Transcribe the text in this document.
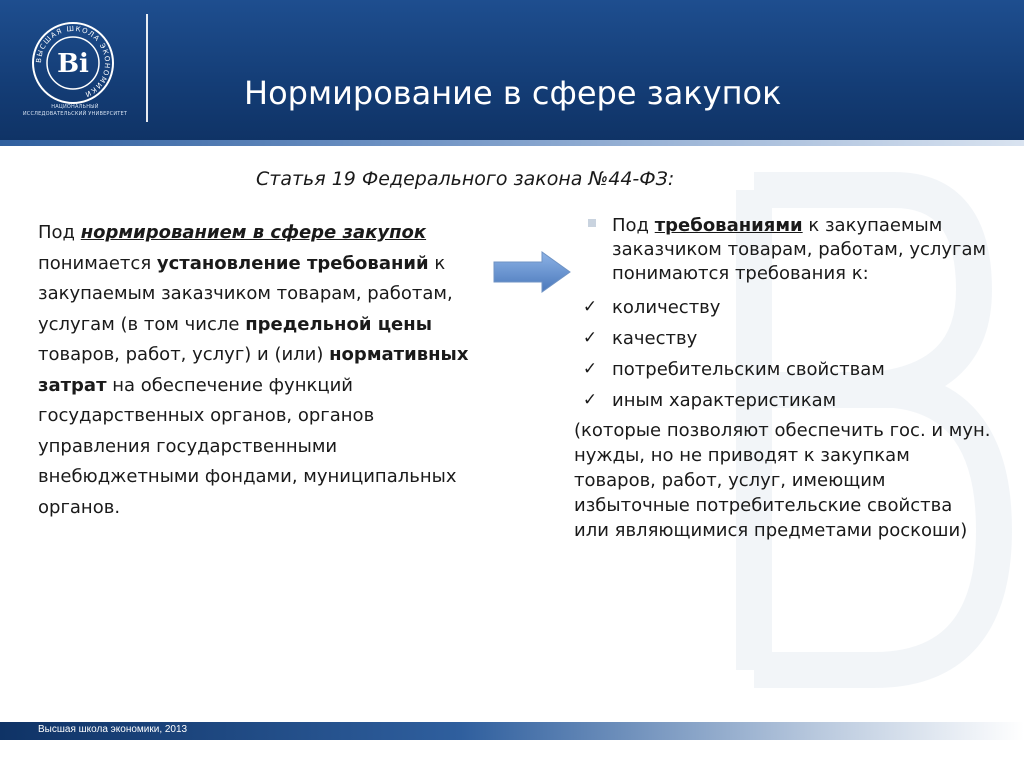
ВЫСШАЯ ШКОЛА ЭКОНОМИКИ
Ві
НАЦИОНАЛЬНЫЙ ИССЛЕДОВАТЕЛЬСКИЙ УНИВЕРСИТЕТ
Нормирование в сфере закупок
Статья 19 Федерального закона №44-ФЗ:
Под нормированием в сфере закупок понимается установление требований к закупаемым заказчиком товарам, работам, услугам (в том числе предельной цены товаров, работ, услуг) и (или) нормативных затрат на обеспечение функций государственных органов, органов управления государственными внебюджетными фондами, муниципальных органов.
Под требованиями к закупаемым заказчиком товарам, работам, услугам понимаются требования к:
✓ количеству
✓ качеству
✓ потребительским свойствам
✓ иным характеристикам
(которые позволяют обеспечить гос. и мун. нужды, но не приводят к закупкам товаров, работ, услуг, имеющим избыточные потребительские свойства или являющимися предметами роскоши)
Высшая школа экономики, 2013
